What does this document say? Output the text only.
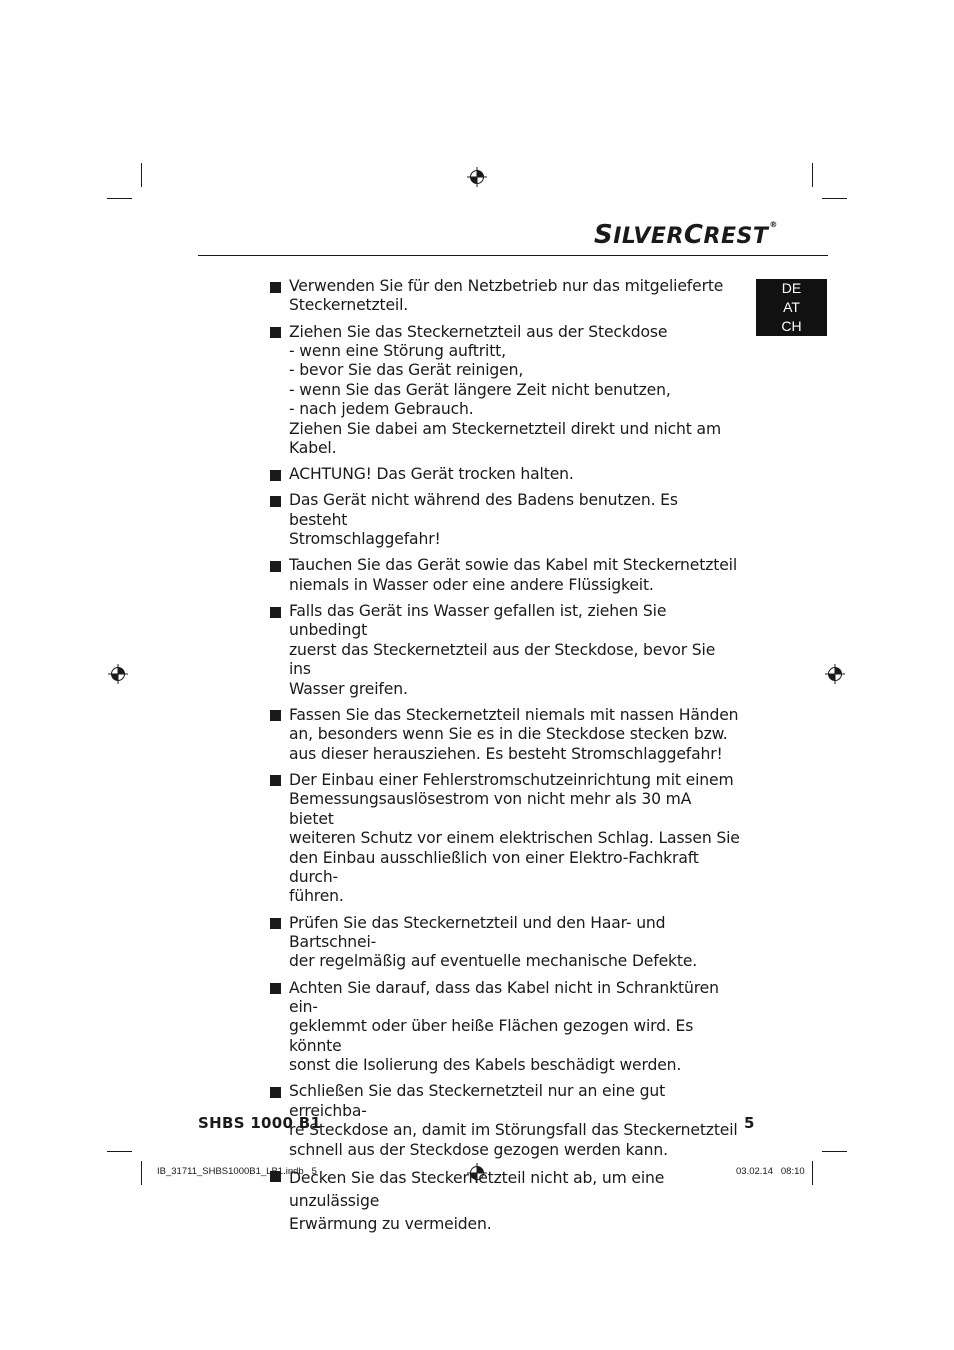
SILVERCREST®
DE
AT
CH
Verwenden Sie für den Netzbetrieb nur das mitgelieferte
Steckernetzteil.
Ziehen Sie das Steckernetzteil aus der Steckdose
- wenn eine Störung auftritt,
- bevor Sie das Gerät reinigen,
- wenn Sie das Gerät längere Zeit nicht benutzen,
- nach jedem Gebrauch.
Ziehen Sie dabei am Steckernetzteil direkt und nicht am
Kabel.
ACHTUNG! Das Gerät trocken halten.
Das Gerät nicht während des Badens benutzen. Es besteht
Stromschlaggefahr!
Tauchen Sie das Gerät sowie das Kabel mit Steckernetzteil
niemals in Wasser oder eine andere Flüssigkeit.
Falls das Gerät ins Wasser gefallen ist, ziehen Sie unbedingt
zuerst das Steckernetzteil aus der Steckdose, bevor Sie ins
Wasser greifen.
Fassen Sie das Steckernetzteil niemals mit nassen Händen
an, besonders wenn Sie es in die Steckdose stecken bzw.
aus dieser herausziehen. Es besteht Stromschlaggefahr!
Der Einbau einer Fehlerstromschutzeinrichtung mit einem
Bemessungsauslösestrom von nicht mehr als 30 mA bietet
weiteren Schutz vor einem elektrischen Schlag. Lassen Sie
den Einbau ausschließlich von einer Elektro-Fachkraft durch-
führen.
Prüfen Sie das Steckernetzteil und den Haar- und Bartschnei-
der regelmäßig auf eventuelle mechanische Defekte.
Achten Sie darauf, dass das Kabel nicht in Schranktüren ein-
geklemmt oder über heiße Flächen gezogen wird. Es könnte
sonst die Isolierung des Kabels beschädigt werden.
Schließen Sie das Steckernetzteil nur an eine gut erreichba-
re Steckdose an, damit im Störungsfall das Steckernetzteil
schnell aus der Steckdose gezogen werden kann.
Decken Sie das Steckernetzteil nicht ab, um eine unzulässige
Erwärmung zu vermeiden.
SHBS 1000 B1	5
IB_31711_SHBS1000B1_LB1.indb   5	03.02.14   08:10
